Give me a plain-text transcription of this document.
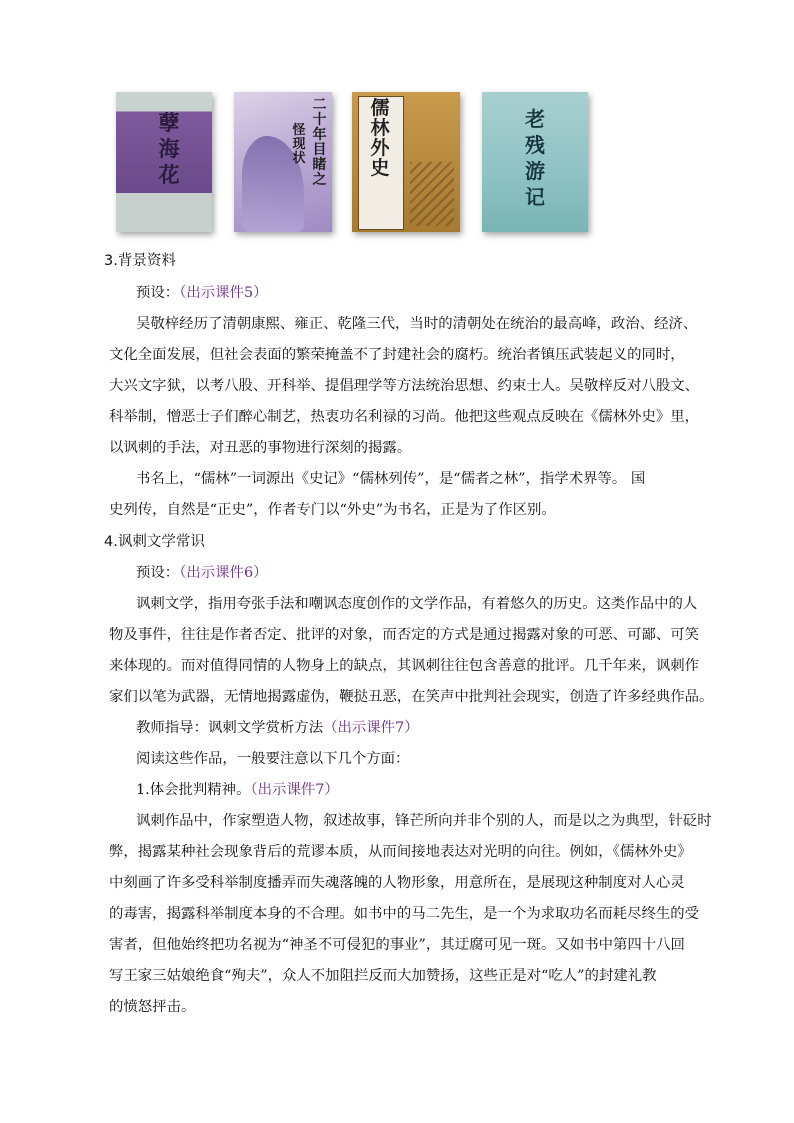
孽海花
二十年目睹之
怪现状
儒林外史
老残游记
3.背景资料
预设：（出示课件5）
吴敬梓经历了清朝康熙、雍正、乾隆三代，当时的清朝处在统治的最高峰，政治、经济、
文化全面发展，但社会表面的繁荣掩盖不了封建社会的腐朽。统治者镇压武装起义的同时，
大兴文字狱，以考八股、开科举、提倡理学等方法统治思想、约束士人。吴敬梓反对八股文、
科举制，憎恶士子们醉心制艺，热衷功名利禄的习尚。他把这些观点反映在《儒林外史》里，
以讽刺的手法，对丑恶的事物进行深刻的揭露。
书名上，“儒林”一词源出《史记》“儒林列传”，是“儒者之林”，指学术界等。 国
史列传，自然是“正史”，作者专门以“外史”为书名，正是为了作区别。
4.讽刺文学常识
预设：（出示课件6）
讽刺文学，指用夸张手法和嘲讽态度创作的文学作品，有着悠久的历史。这类作品中的人
物及事件，往往是作者否定、批评的对象，而否定的方式是通过揭露对象的可恶、可鄙、可笑
来体现的。而对值得同情的人物身上的缺点，其讽刺往往包含善意的批评。几千年来，讽刺作
家们以笔为武器，无情地揭露虚伪，鞭挞丑恶，在笑声中批判社会现实，创造了许多经典作品。
教师指导：讽刺文学赏析方法（出示课件7）
阅读这些作品，一般要注意以下几个方面：
1.体会批判精神。（出示课件7）
讽刺作品中，作家塑造人物，叙述故事，锋芒所向并非个别的人，而是以之为典型，针砭时
弊，揭露某种社会现象背后的荒谬本质，从而间接地表达对光明的向往。例如，《儒林外史》
中刻画了许多受科举制度播弄而失魂落魄的人物形象，用意所在，是展现这种制度对人心灵
的毒害，揭露科举制度本身的不合理。如书中的马二先生，是一个为求取功名而耗尽终生的受
害者，但他始终把功名视为“神圣不可侵犯的事业”，其迂腐可见一斑。又如书中第四十八回
写王家三姑娘绝食“殉夫”，众人不加阻拦反而大加赞扬，这些正是对“吃人”的封建礼教
的愤怒抨击。
